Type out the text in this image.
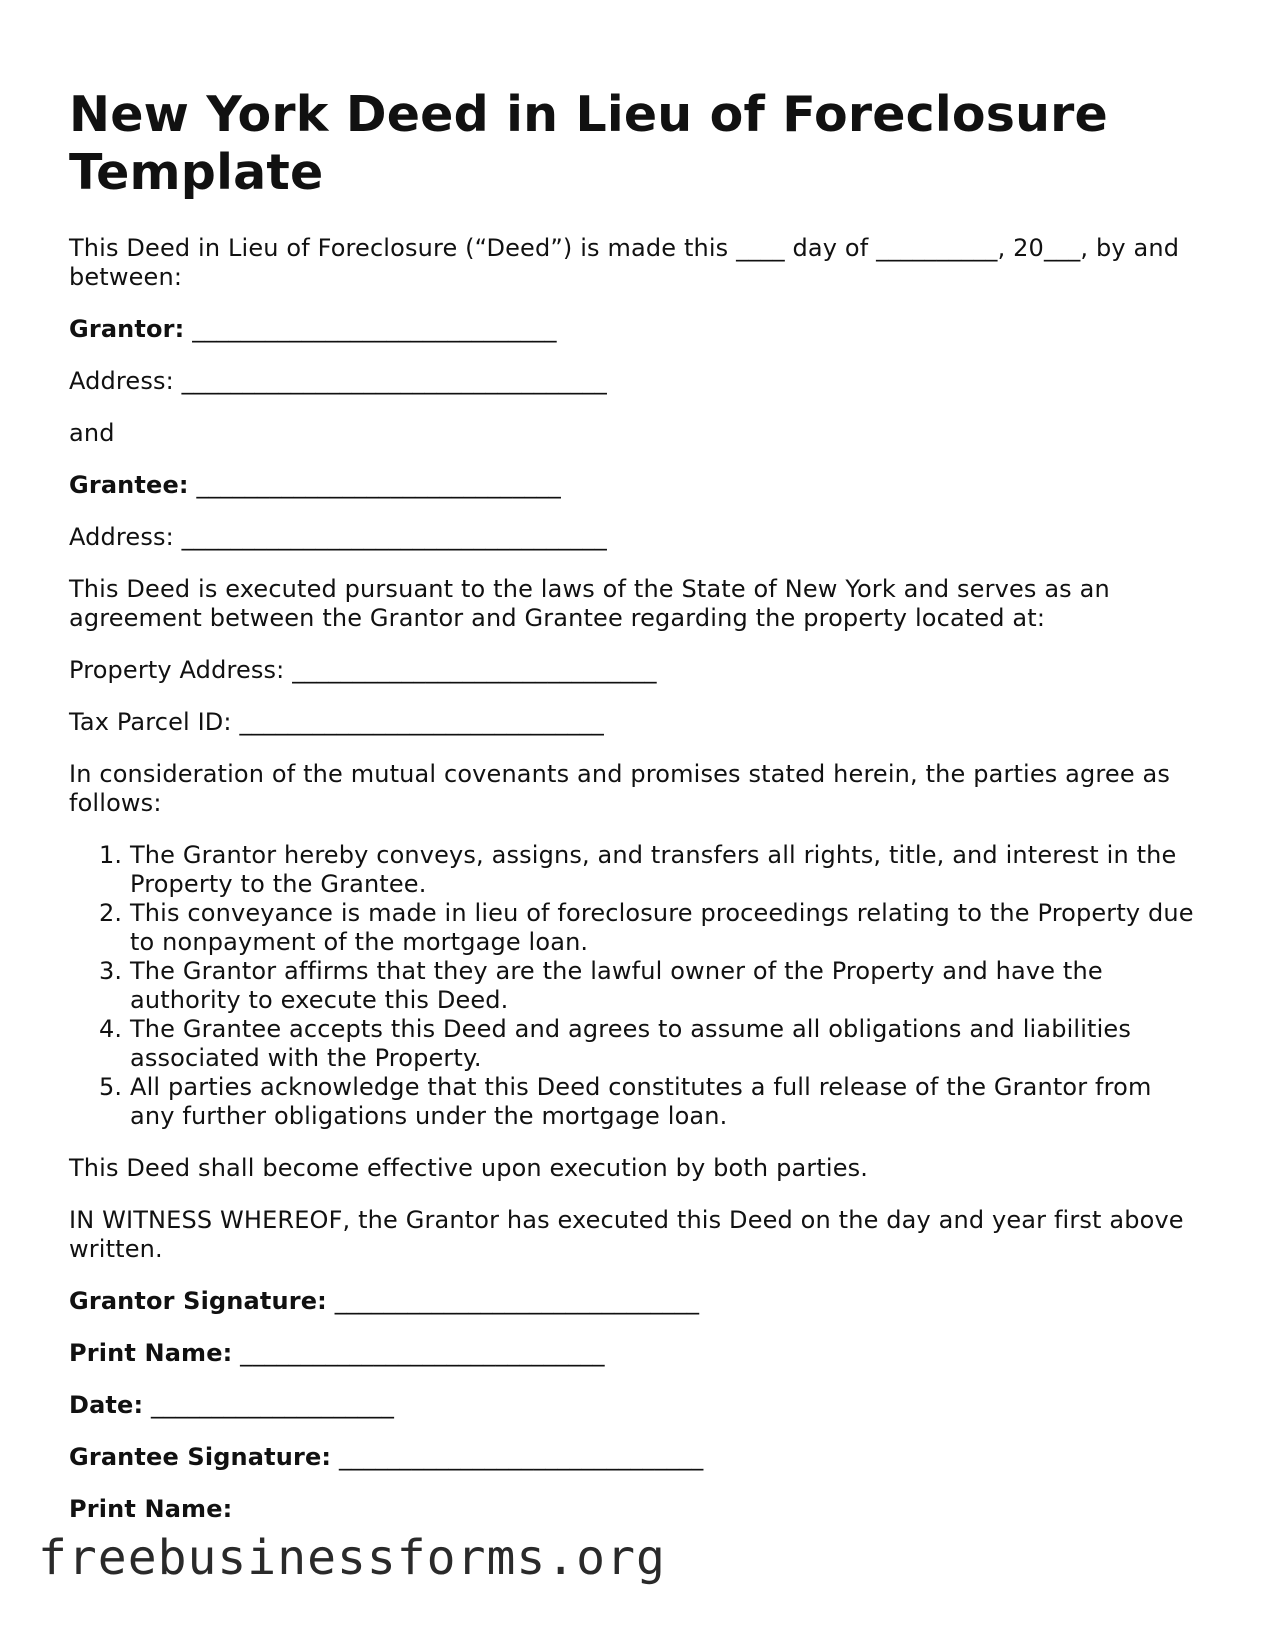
New York Deed in Lieu of Foreclosure Template

This Deed in Lieu of Foreclosure (“Deed”) is made this ____ day of __________, 20___, by and between:

Grantor: ______________________________

Address: ___________________________________

and

Grantee: ______________________________

Address: ___________________________________

This Deed is executed pursuant to the laws of the State of New York and serves as an agreement between the Grantor and Grantee regarding the property located at:

Property Address: ______________________________

Tax Parcel ID: ______________________________

In consideration of the mutual covenants and promises stated herein, the parties agree as follows:

1. The Grantor hereby conveys, assigns, and transfers all rights, title, and interest in the Property to the Grantee.
2. This conveyance is made in lieu of foreclosure proceedings relating to the Property due to nonpayment of the mortgage loan.
3. The Grantor affirms that they are the lawful owner of the Property and have the authority to execute this Deed.
4. The Grantee accepts this Deed and agrees to assume all obligations and liabilities associated with the Property.
5. All parties acknowledge that this Deed constitutes a full release of the Grantor from any further obligations under the mortgage loan.

This Deed shall become effective upon execution by both parties.

IN WITNESS WHEREOF, the Grantor has executed this Deed on the day and year first above written.

Grantor Signature: ______________________________

Print Name: ______________________________

Date: ____________________

Grantee Signature: ______________________________

Print Name:

freebusinessforms.org
